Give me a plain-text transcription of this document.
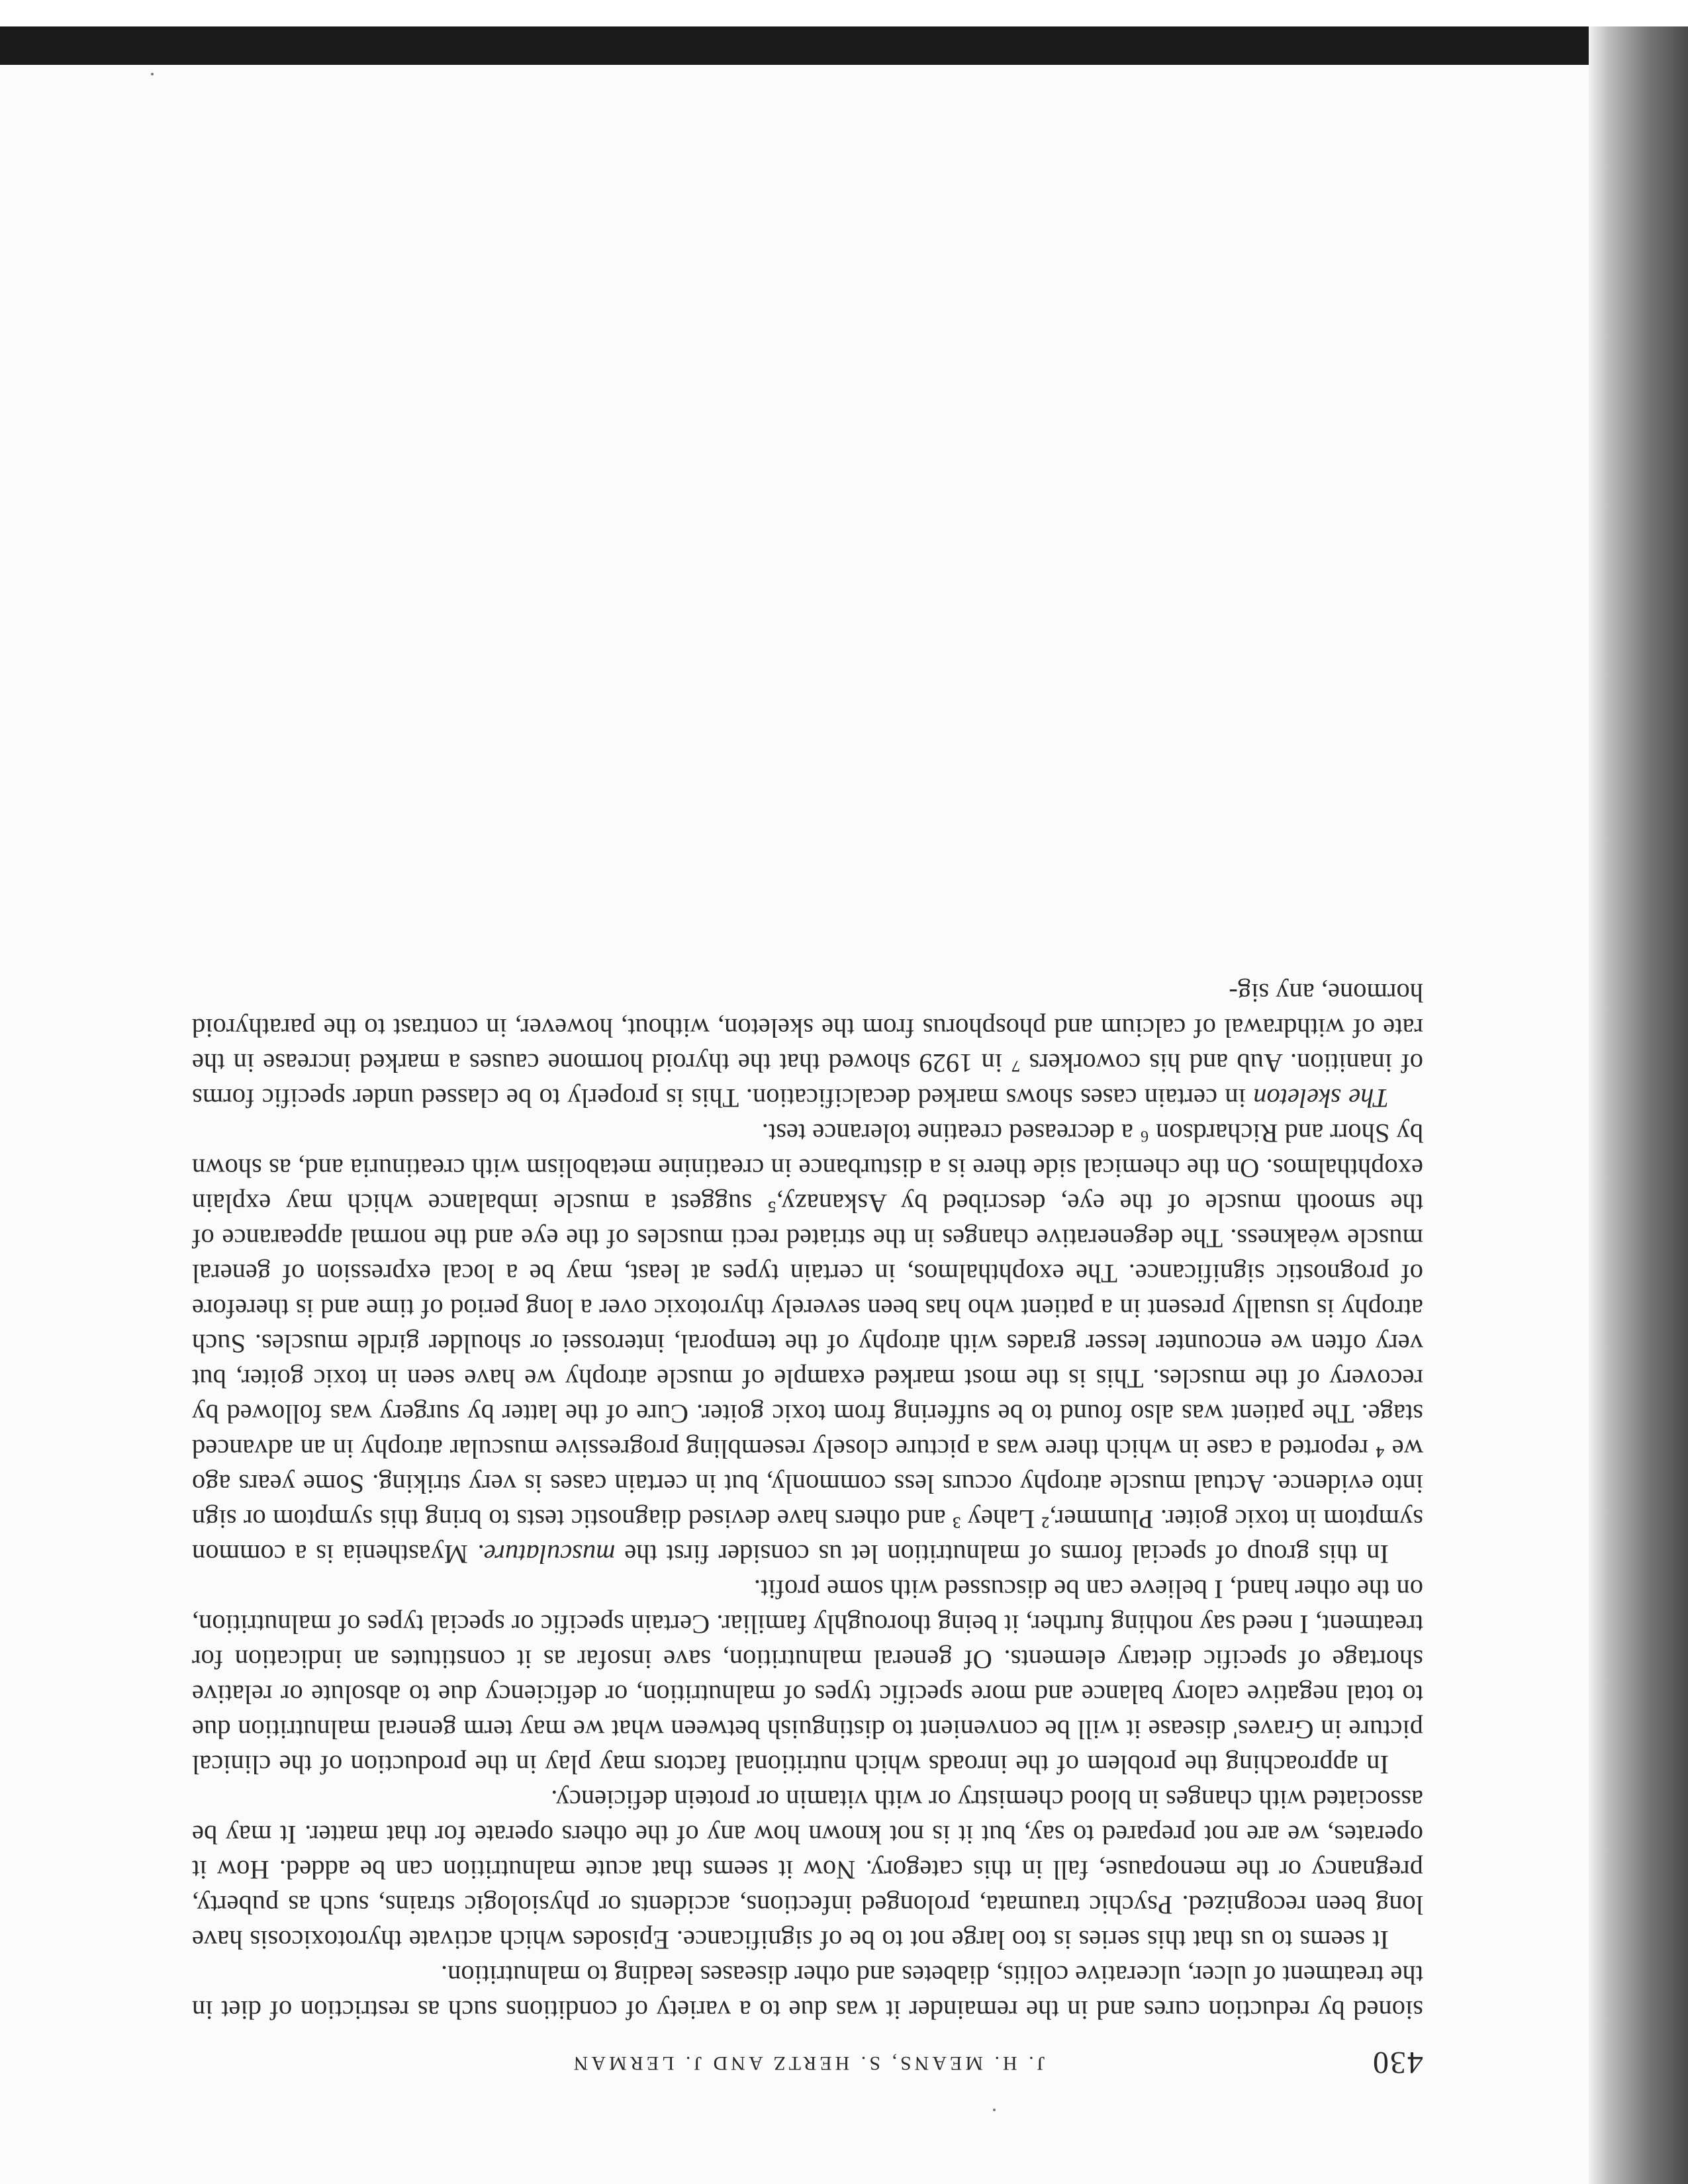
430
J. H. MEANS, S. HERTZ AND J. LERMAN

sioned by reduction cures and in the remainder it was due to a variety of conditions such as restriction of diet in the treatment of ulcer, ulcerative colitis, diabetes and other diseases leading to malnutrition.

It seems to us that this series is too large not to be of significance. Episodes which activate thyrotoxicosis have long been recognized. Psychic traumata, prolonged infections, accidents or physiologic strains, such as puberty, pregnancy or the menopause, fall in this category. Now it seems that acute malnutrition can be added. How it operates, we are not prepared to say, but it is not known how any of the others operate for that matter. It may be associated with changes in blood chemistry or with vitamin or protein deficiency.

In approaching the problem of the inroads which nutritional factors may play in the production of the clinical picture in Graves' disease it will be convenient to distinguish between what we may term general malnutrition due to total negative calory balance and more specific types of malnutrition, or deficiency due to absolute or relative shortage of specific dietary elements. Of general malnutrition, save insofar as it constitutes an indication for treatment, I need say nothing further, it being thoroughly familiar. Certain specific or special types of malnutrition, on the other hand, I believe can be discussed with some profit.

In this group of special forms of malnutrition let us consider first the musculature. Myasthenia is a common symptom in toxic goiter. Plummer,² Lahey ³ and others have devised diagnostic tests to bring this symptom or sign into evidence. Actual muscle atrophy occurs less commonly, but in certain cases is very striking. Some years ago we ⁴ reported a case in which there was a picture closely resembling progressive muscular atrophy in an advanced stage. The patient was also found to be suffering from toxic goiter. Cure of the latter by surgery was followed by recovery of the muscles. This is the most marked example of muscle atrophy we have seen in toxic goiter, but very often we encounter lesser grades with atrophy of the temporal, interossei or shoulder girdle muscles. Such atrophy is usually present in a patient who has been severely thyrotoxic over a long period of time and is therefore of prognostic significance. The exophthalmos, in certain types at least, may be a local expression of general muscle weakness. The degenerative changes in the striated recti muscles of the eye and the normal appearance of the smooth muscle of the eye, described by Askanazy,⁵ suggest a muscle imbalance which may explain exophthalmos. On the chemical side there is a disturbance in creatinine metabolism with creatinuria and, as shown by Shorr and Richardson ⁶ a decreased creatine tolerance test.

The skeleton in certain cases shows marked decalcification. This is properly to be classed under specific forms of inanition. Aub and his coworkers ⁷ in 1929 showed that the thyroid hormone causes a marked increase in the rate of withdrawal of calcium and phosphorus from the skeleton, without, however, in contrast to the parathyroid hormone, any sig-
